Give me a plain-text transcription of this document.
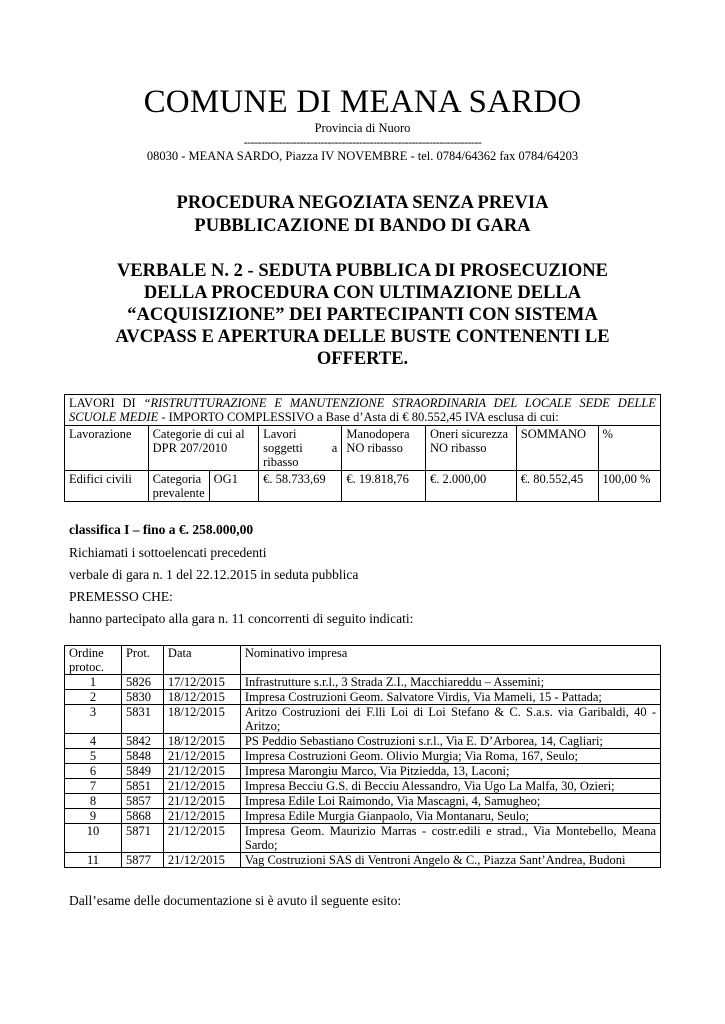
COMUNE DI MEANA SARDO
Provincia di Nuoro
--------------------------------------------------------------------
08030 - MEANA SARDO, Piazza IV NOVEMBRE - tel. 0784/64362 fax 0784/64203
PROCEDURA NEGOZIATA SENZA PREVIA
PUBBLICAZIONE DI BANDO DI GARA
VERBALE N. 2 - SEDUTA PUBBLICA DI PROSECUZIONE
DELLA PROCEDURA CON ULTIMAZIONE DELLA
“ACQUISIZIONE” DEI PARTECIPANTI CON SISTEMA
AVCPASS E APERTURA DELLE BUSTE CONTENENTI LE
OFFERTE.
LAVORI DI “RISTRUTTURAZIONE E MANUTENZIONE STRAORDINARIA DEL LOCALE SEDE DELLE SCUOLE MEDIE - IMPORTO COMPLESSIVO a Base d’Asta di € 80.552,45 IVA esclusa di cui:							
Lavorazione	Categorie di cui al DPR 207/2010		Lavori soggetti a ribasso	Manodopera NO ribasso	Oneri sicurezza NO ribasso	SOMMANO	%
Edifici civili	Categoria prevalente	OG1	€. 58.733,69	€. 19.818,76	€. 2.000,00	€. 80.552,45	100,00 %
classifica I – fino a €. 258.000,00
Richiamati i sottoelencati precedenti
verbale di gara n. 1 del 22.12.2015 in seduta pubblica
PREMESSO CHE:
hanno partecipato alla gara n. 11 concorrenti di seguito indicati:
Ordine protoc.	Prot.	Data	Nominativo impresa
1	5826	17/12/2015	Infrastrutture s.r.l., 3 Strada Z.I., Macchiareddu – Assemini;
2	5830	18/12/2015	Impresa Costruzioni Geom. Salvatore Virdis, Via Mameli, 15 - Pattada;
3	5831	18/12/2015	Aritzo Costruzioni dei F.lli Loi di Loi Stefano & C. S.a.s. via Garibaldi, 40 - Aritzo;
4	5842	18/12/2015	PS Peddio Sebastiano Costruzioni s.r.l., Via E. D’Arborea, 14, Cagliari;
5	5848	21/12/2015	Impresa Costruzioni Geom. Olivio Murgia; Via Roma, 167, Seulo;
6	5849	21/12/2015	Impresa Marongiu Marco, Via Pitziedda, 13, Laconi;
7	5851	21/12/2015	Impresa Becciu G.S. di Becciu Alessandro, Via Ugo La Malfa, 30, Ozieri;
8	5857	21/12/2015	Impresa Edile Loi Raimondo, Via Mascagni, 4, Samugheo;
9	5868	21/12/2015	Impresa Edile Murgia Gianpaolo, Via Montanaru, Seulo;
10	5871	21/12/2015	Impresa Geom. Maurizio Marras - costr.edili e strad., Via Montebello, Meana Sardo;
11	5877	21/12/2015	Vag Costruzioni SAS di Ventroni Angelo & C., Piazza Sant’Andrea, Budoni
Dall’esame delle documentazione si è avuto il seguente esito:
